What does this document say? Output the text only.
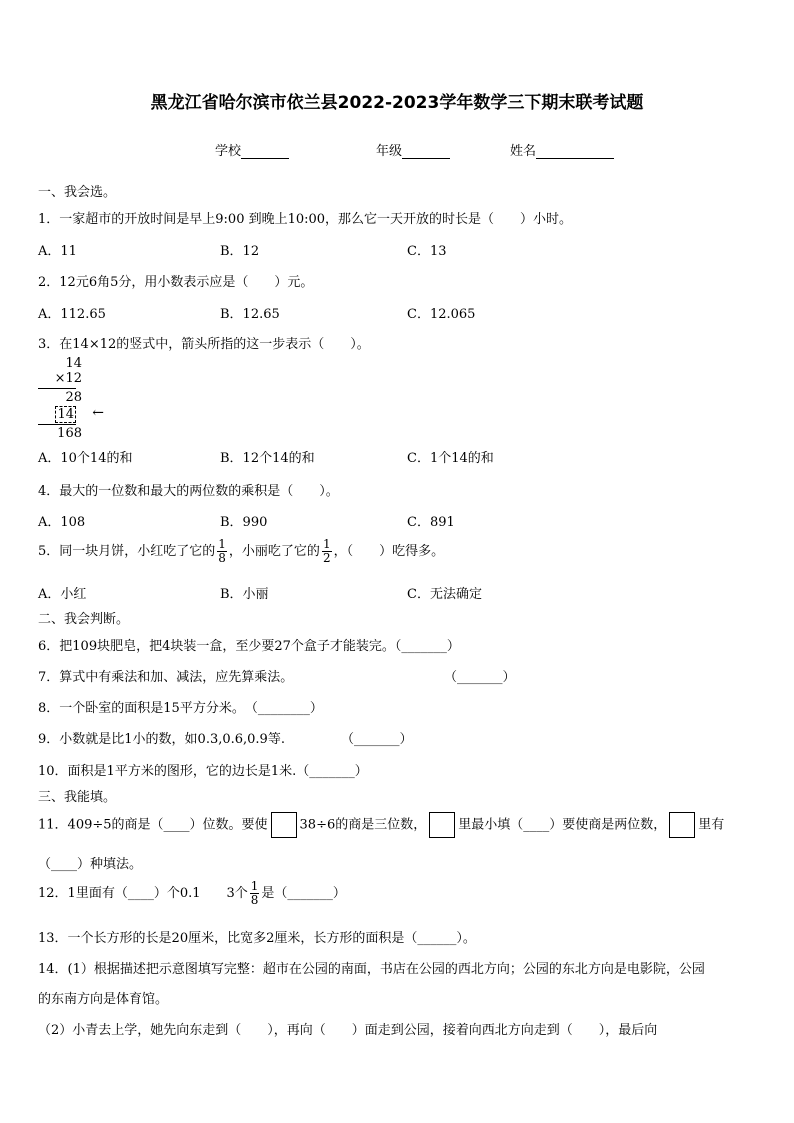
黑龙江省哈尔滨市依兰县2022-2023学年数学三下期末联考试题
学校	年级	姓名
一、我会选。
1．一家超市的开放时间是早上9:00 到晚上10:00，那么它一天开放的时长是（　　）小时。
A．11	B．12	C．13
2．12元6角5分，用小数表示应是（　　）元。
A．112.65	B．12.65	C．12.065
3．在14×12的竖式中，箭头所指的这一步表示（　　）。
14
×12
28
14 ←
168
A．10个14的和	B．12个14的和	C．1个14的和
4．最大的一位数和最大的两位数的乘积是（　　）。
A．108	B．990	C．891
5．同一块月饼，小红吃了它的 $\frac{1}{8}$ ，小丽吃了它的 $\frac{1}{2}$ ，（　　）吃得多。
A．小红	B．小丽	C．无法确定
二、我会判断。
6．把109块肥皂，把4块装一盒，至少要27个盒子才能装完。（_______）
7．算式中有乘法和加、减法，应先算乘法。	（_______）
8．一个卧室的面积是15平方分米。　（________）
9．小数就是比1小的数，如0.3,0.6,0.9等.	（_______）
10．面积是1平方米的图形，它的边长是1米.（_______）
三、我能填。
11．409÷5的商是（____）位数。要使 38÷6的商是三位数， 里最小填（____）要使商是两位数， 里有
（____）种填法。
12．1里面有（____）个0.1　　3个 $\frac{1}{8}$ 是（_______）
13．一个长方形的长是20厘米，比宽多2厘米，长方形的面积是（______）。
14．(1）根据描述把示意图填写完整：超市在公园的南面，书店在公园的西北方向；公园的东北方向是电影院，公园
的东南方向是体育馆。
（2）小青去上学，她先向东走到（　　），再向（　　）面走到公园，接着向西北方向走到（　　），最后向
